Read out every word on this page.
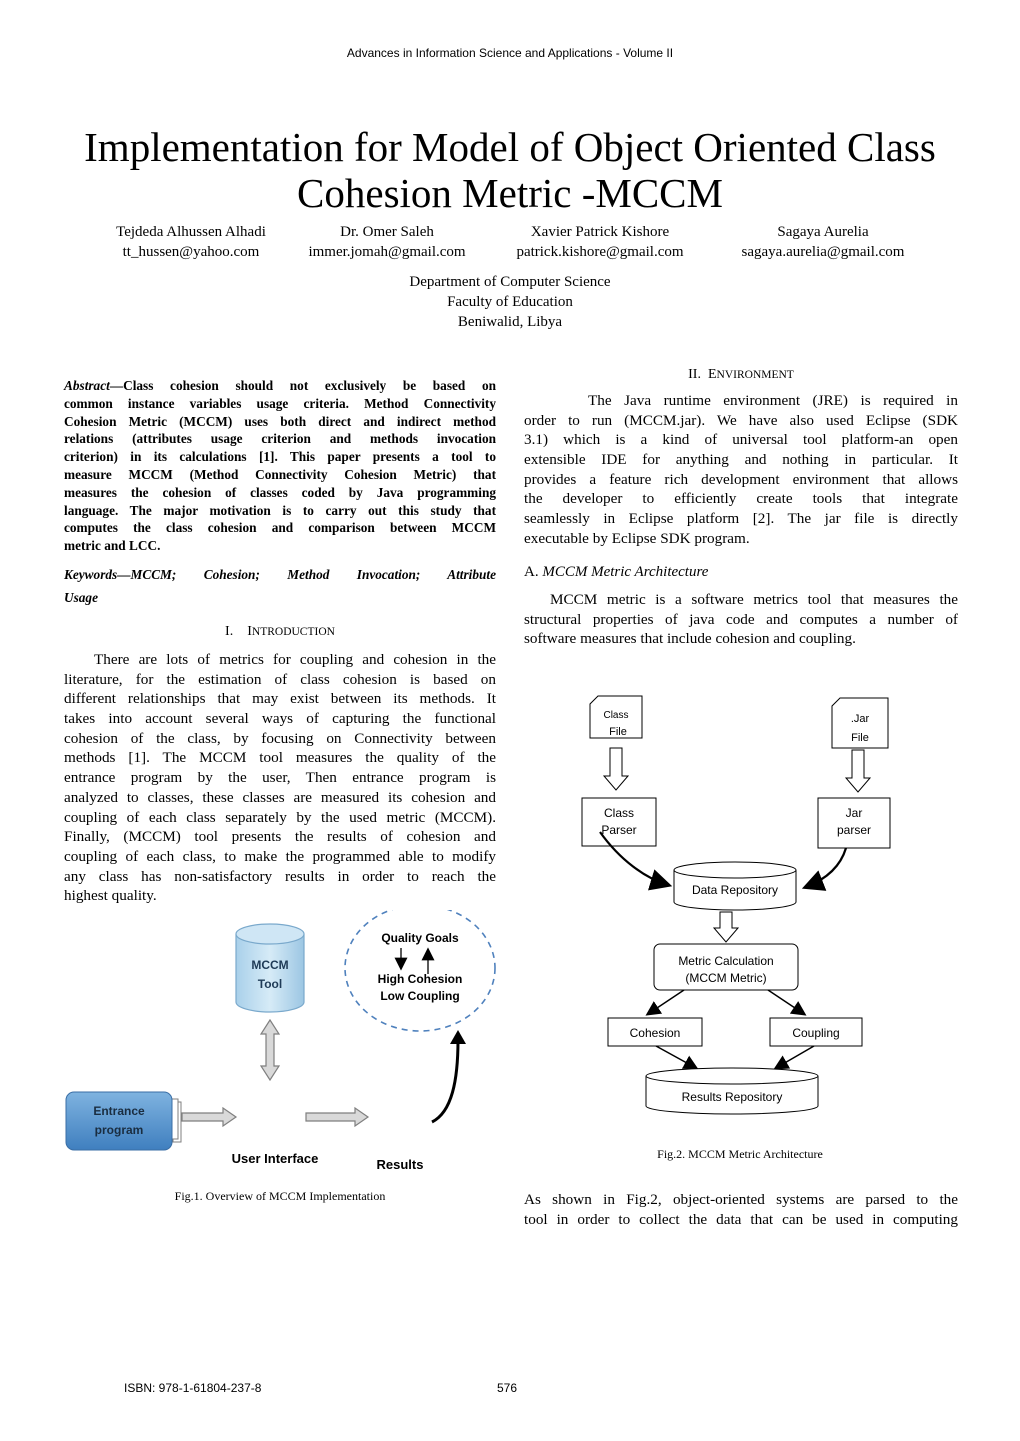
Advances in Information Science and Applications - Volume II
Implementation for Model of Object Oriented Class
Cohesion Metric -MCCM
Tejdeda Alhussen Alhadi
tt_hussen@yahoo.com
Dr. Omer Saleh
immer.jomah@gmail.com
Xavier Patrick Kishore
patrick.kishore@gmail.com
Sagaya Aurelia
sagaya.aurelia@gmail.com
Department of Computer Science
Faculty of Education
Beniwalid, Libya
Abstract—Class cohesion should not exclusively be based on
common instance variables usage criteria. Method Connectivity
Cohesion Metric (MCCM) uses both direct and indirect method
relations (attributes usage criterion and methods invocation
criterion) in its calculations [1]. This paper presents a tool to
measure MCCM (Method Connectivity Cohesion Metric) that
measures the cohesion of classes coded by Java programming
language. The major motivation is to carry out this study that
computes the class cohesion and comparison between MCCM
metric and LCC.
Keywords—MCCM; Cohesion; Method Invocation; Attribute
Usage
I. INTRODUCTION
There are lots of metrics for coupling and cohesion in the
literature, for the estimation of class cohesion is based on
different relationships that may exist between its methods. It
takes into account several ways of capturing the functional
cohesion of the class, by focusing on Connectivity between
methods [1]. The MCCM tool measures the quality of the
entrance program by the user, Then entrance program is
analyzed to classes, these classes are measured its cohesion and
coupling of each class separately by the used metric (MCCM).
Finally, (MCCM) tool presents the results of cohesion and
coupling of each class, to make the programmed able to modify
any class has non-satisfactory results in order to reach the
highest quality.
MCCM
Tool
Quality Goals
High Cohesion
Low Coupling
Entrance
program
User Interface	Results
Fig.1. Overview of MCCM Implementation
II. ENVIRONMENT
The Java runtime environment (JRE) is required in
order to run (MCCM.jar). We have also used Eclipse (SDK
3.1) which is a kind of universal tool platform-an open
extensible IDE for anything and nothing in particular. It
provides a feature rich development environment that allows
the developer to efficiently create tools that integrate
seamlessly in Eclipse platform [2]. The jar file is directly
executable by Eclipse SDK program.
A. MCCM Metric Architecture
MCCM metric is a software metrics tool that measures the
structural properties of java code and computes a number of
software measures that include cohesion and coupling.
Class
File
.Jar
File
Class
Parser
Jar
parser
Data Repository
Metric Calculation
(MCCM Metric)
Cohesion	Coupling
Results Repository
Fig.2. MCCM Metric Architecture
As shown in Fig.2, object-oriented systems are parsed to the
tool in order to collect the data that can be used in computing
ISBN: 978-1-61804-237-8	576
